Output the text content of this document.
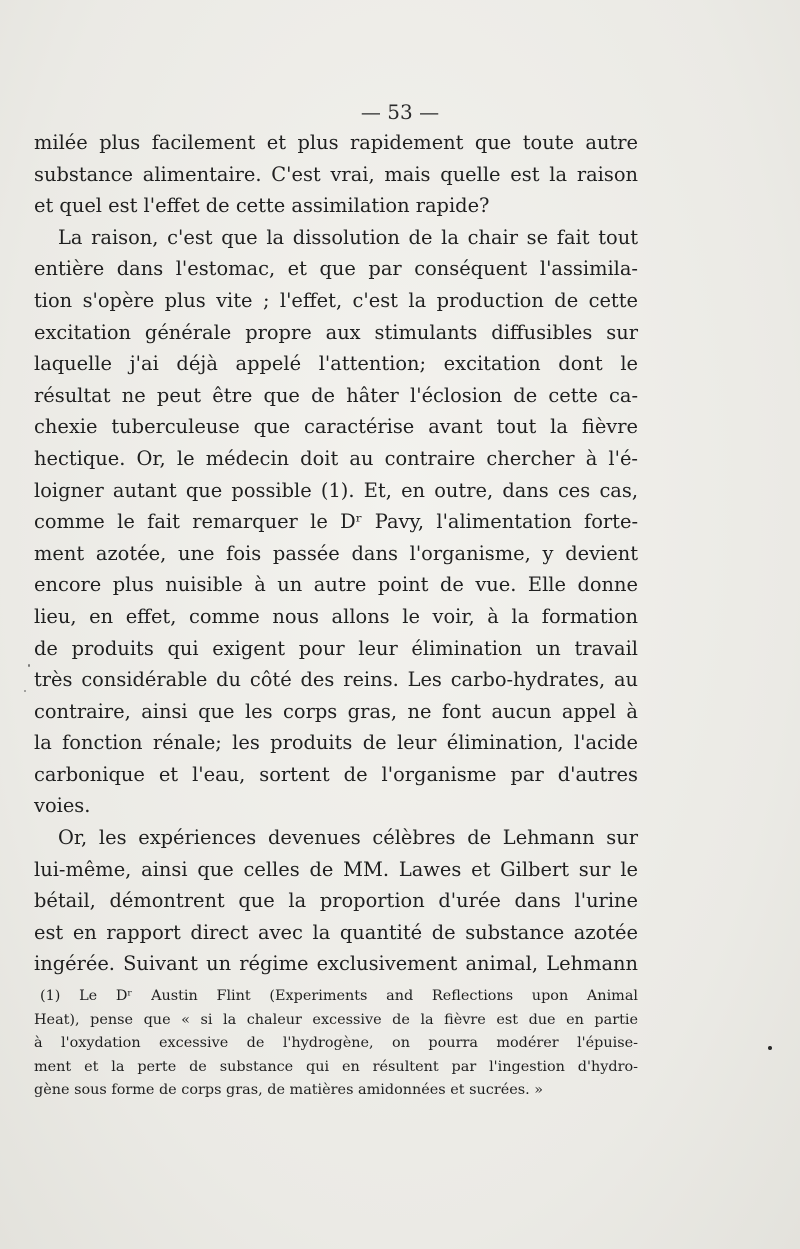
— 53 —
milée plus facilement et plus rapidement que toute autre
substance alimentaire. C'est vrai, mais quelle est la raison
et quel est l'effet de cette assimilation rapide?
La raison, c'est que la dissolution de la chair se fait tout
entière dans l'estomac, et que par conséquent l'assimila-
tion s'opère plus vite ; l'effet, c'est la production de cette
excitation générale propre aux stimulants diffusibles sur
laquelle j'ai déjà appelé l'attention; excitation dont le
résultat ne peut être que de hâter l'éclosion de cette ca-
chexie tuberculeuse que caractérise avant tout la fièvre
hectique. Or, le médecin doit au contraire chercher à l'é-
loigner autant que possible (1). Et, en outre, dans ces cas,
comme le fait remarquer le Dʳ Pavy, l'alimentation forte-
ment azotée, une fois passée dans l'organisme, y devient
encore plus nuisible à un autre point de vue. Elle donne
lieu, en effet, comme nous allons le voir, à la formation
de produits qui exigent pour leur élimination un travail
très considérable du côté des reins. Les carbo-hydrates, au
contraire, ainsi que les corps gras, ne font aucun appel à
la fonction rénale; les produits de leur élimination, l'acide
carbonique et l'eau, sortent de l'organisme par d'autres
voies.
Or, les expériences devenues célèbres de Lehmann sur
lui-même, ainsi que celles de MM. Lawes et Gilbert sur le
bétail, démontrent que la proportion d'urée dans l'urine
est en rapport direct avec la quantité de substance azotée
ingérée. Suivant un régime exclusivement animal, Lehmann
(1) Le Dʳ Austin Flint (Experiments and Reflections upon Animal
Heat), pense que « si la chaleur excessive de la fièvre est due en partie
à l'oxydation excessive de l'hydrogène, on pourra modérer l'épuise-
ment et la perte de substance qui en résultent par l'ingestion d'hydro-
gène sous forme de corps gras, de matières amidonnées et sucrées. »
